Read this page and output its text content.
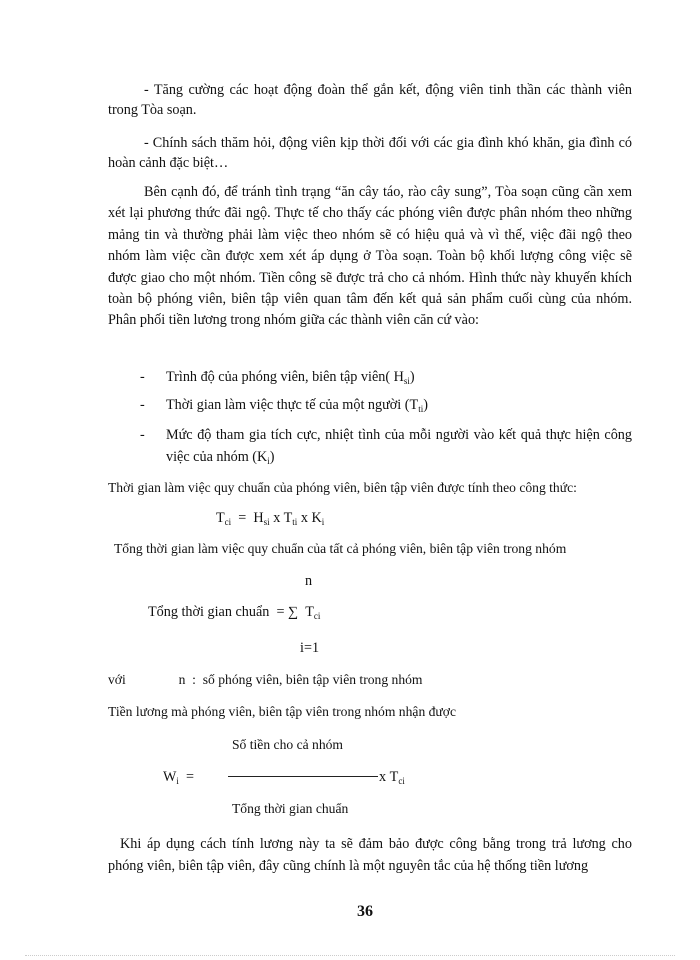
- Tăng cường các hoạt động đoàn thể gắn kết, động viên tinh thần các thành viên trong Tòa soạn.
- Chính sách thăm hỏi, động viên kịp thời đối với các gia đình khó khăn, gia đình có hoàn cảnh đặc biệt…
Bên cạnh đó, để tránh tình trạng “ăn cây táo, rào cây sung”, Tòa soạn cũng cần xem xét lại phương thức đãi ngộ. Thực tế cho thấy các phóng viên được phân nhóm theo những mảng tin và thường phải làm việc theo nhóm sẽ có hiệu quả và vì thế, việc đãi ngộ theo nhóm làm việc cần được xem xét áp dụng ở Tòa soạn. Toàn bộ khối lượng công việc sẽ được giao cho một nhóm. Tiền công sẽ được trả cho cả nhóm. Hình thức này khuyến khích toàn bộ phóng viên, biên tập viên quan tâm đến kết quả sản phẩm cuối cùng của nhóm. Phân phối tiền lương trong nhóm giữa các thành viên căn cứ vào:
- Trình độ của phóng viên, biên tập viên( $H_{si}$)
- Thời gian làm việc thực tế của một người $(T_{ti})$
- Mức độ tham gia tích cực, nhiệt tình của mỗi người vào kết quả thực hiện công việc của nhóm $(K_i)$
Thời gian làm việc quy chuẩn của phóng viên, biên tập viên được tính theo công thức:
$T_{ci} = H_{si}$ x $T_{ti}$ x $K_i$
Tổng thời gian làm việc quy chuẩn của tất cả phóng viên, biên tập viên trong nhóm
n
Tổng thời gian chuẩn = ∑ $T_{ci}$
i=1
với	n : số phóng viên, biên tập viên trong nhóm
Tiền lương mà phóng viên, biên tập viên trong nhóm nhận được
Số tiền cho cả nhóm
$W_i$ =	x $T_{ci}$
Tổng thời gian chuẩn
Khi áp dụng cách tính lương này ta sẽ đảm bảo được công bằng trong trả lương cho phóng viên, biên tập viên, đây cũng chính là một nguyên tắc của hệ thống tiền lương
36
